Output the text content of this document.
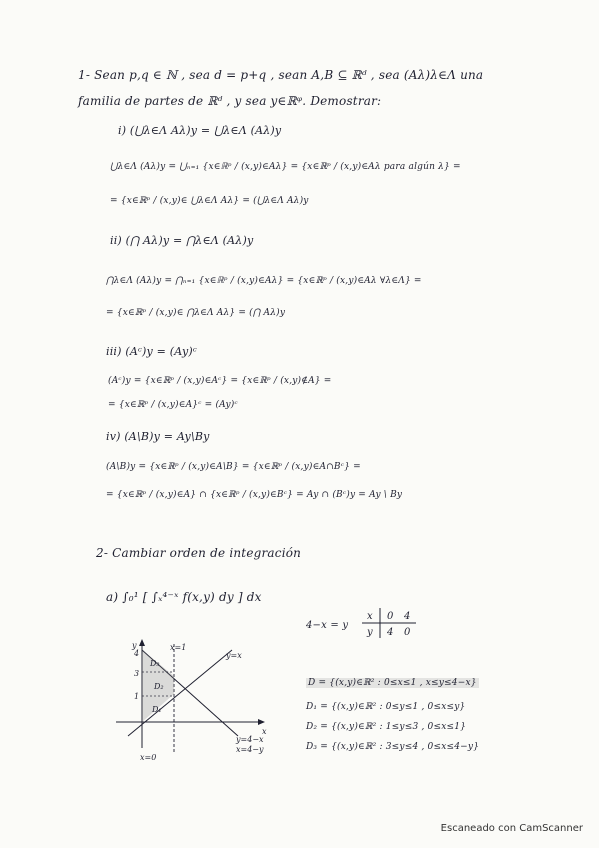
1- Sean p,q ∈ ℕ , sea d = p+q , sean A,B ⊆ ℝᵈ , sea (Aλ)λ∈Λ una
familia de partes de ℝᵈ , y sea y∈ℝᵠ. Demostrar:
i) (⋃λ∈Λ Aλ)y = ⋃λ∈Λ (Aλ)y
⋃λ∈Λ (Aλ)y = ⋃ₙ₌₁ {x∈ℝᵖ / (x,y)∈Aλ} = {x∈ℝᵖ / (x,y)∈Aλ para algún λ} =
= {x∈ℝᵖ / (x,y)∈ ⋃λ∈Λ Aλ} = (⋃λ∈Λ Aλ)y
ii) (⋂ Aλ)y = ⋂λ∈Λ (Aλ)y
⋂λ∈Λ (Aλ)y = ⋂ₙ₌₁ {x∈ℝᵖ / (x,y)∈Aλ} = {x∈ℝᵖ / (x,y)∈Aλ ∀λ∈Λ} =
= {x∈ℝᵖ / (x,y)∈ ⋂λ∈Λ Aλ} = (⋂ Aλ)y
iii) (Aᶜ)y = (Ay)ᶜ
(Aᶜ)y = {x∈ℝᵖ / (x,y)∈Aᶜ} = {x∈ℝᵖ / (x,y)∉A} =
= {x∈ℝᵖ / (x,y)∈A}ᶜ = (Ay)ᶜ
iv) (A\B)y = Ay\By
(A\B)y = {x∈ℝᵖ / (x,y)∈A\B} = {x∈ℝᵖ / (x,y)∈A∩Bᶜ} =
= {x∈ℝᵖ / (x,y)∈A} ∩ {x∈ℝᵖ / (x,y)∈Bᶜ} = Ay ∩ (Bᶜ)y = Ay \ By
2- Cambiar orden de integración
a) ∫₀¹ [ ∫ₓ⁴⁻ˣ f(x,y) dy ] dx
4−x = y
x 0 4
y 4 0
D = {(x,y)∈ℝ² : 0≤x≤1 , x≤y≤4−x}
D₁ = {(x,y)∈ℝ² : 0≤y≤1 , 0≤x≤y}
D₂ = {(x,y)∈ℝ² : 1≤y≤3 , 0≤x≤1}
D₃ = {(x,y)∈ℝ² : 3≤y≤4 , 0≤x≤4−y}
y
x
x=1
y=x
y=4−x
x=4−y
x=0
4
3
1
D₁
D₂
D₃
Escaneado con CamScanner
